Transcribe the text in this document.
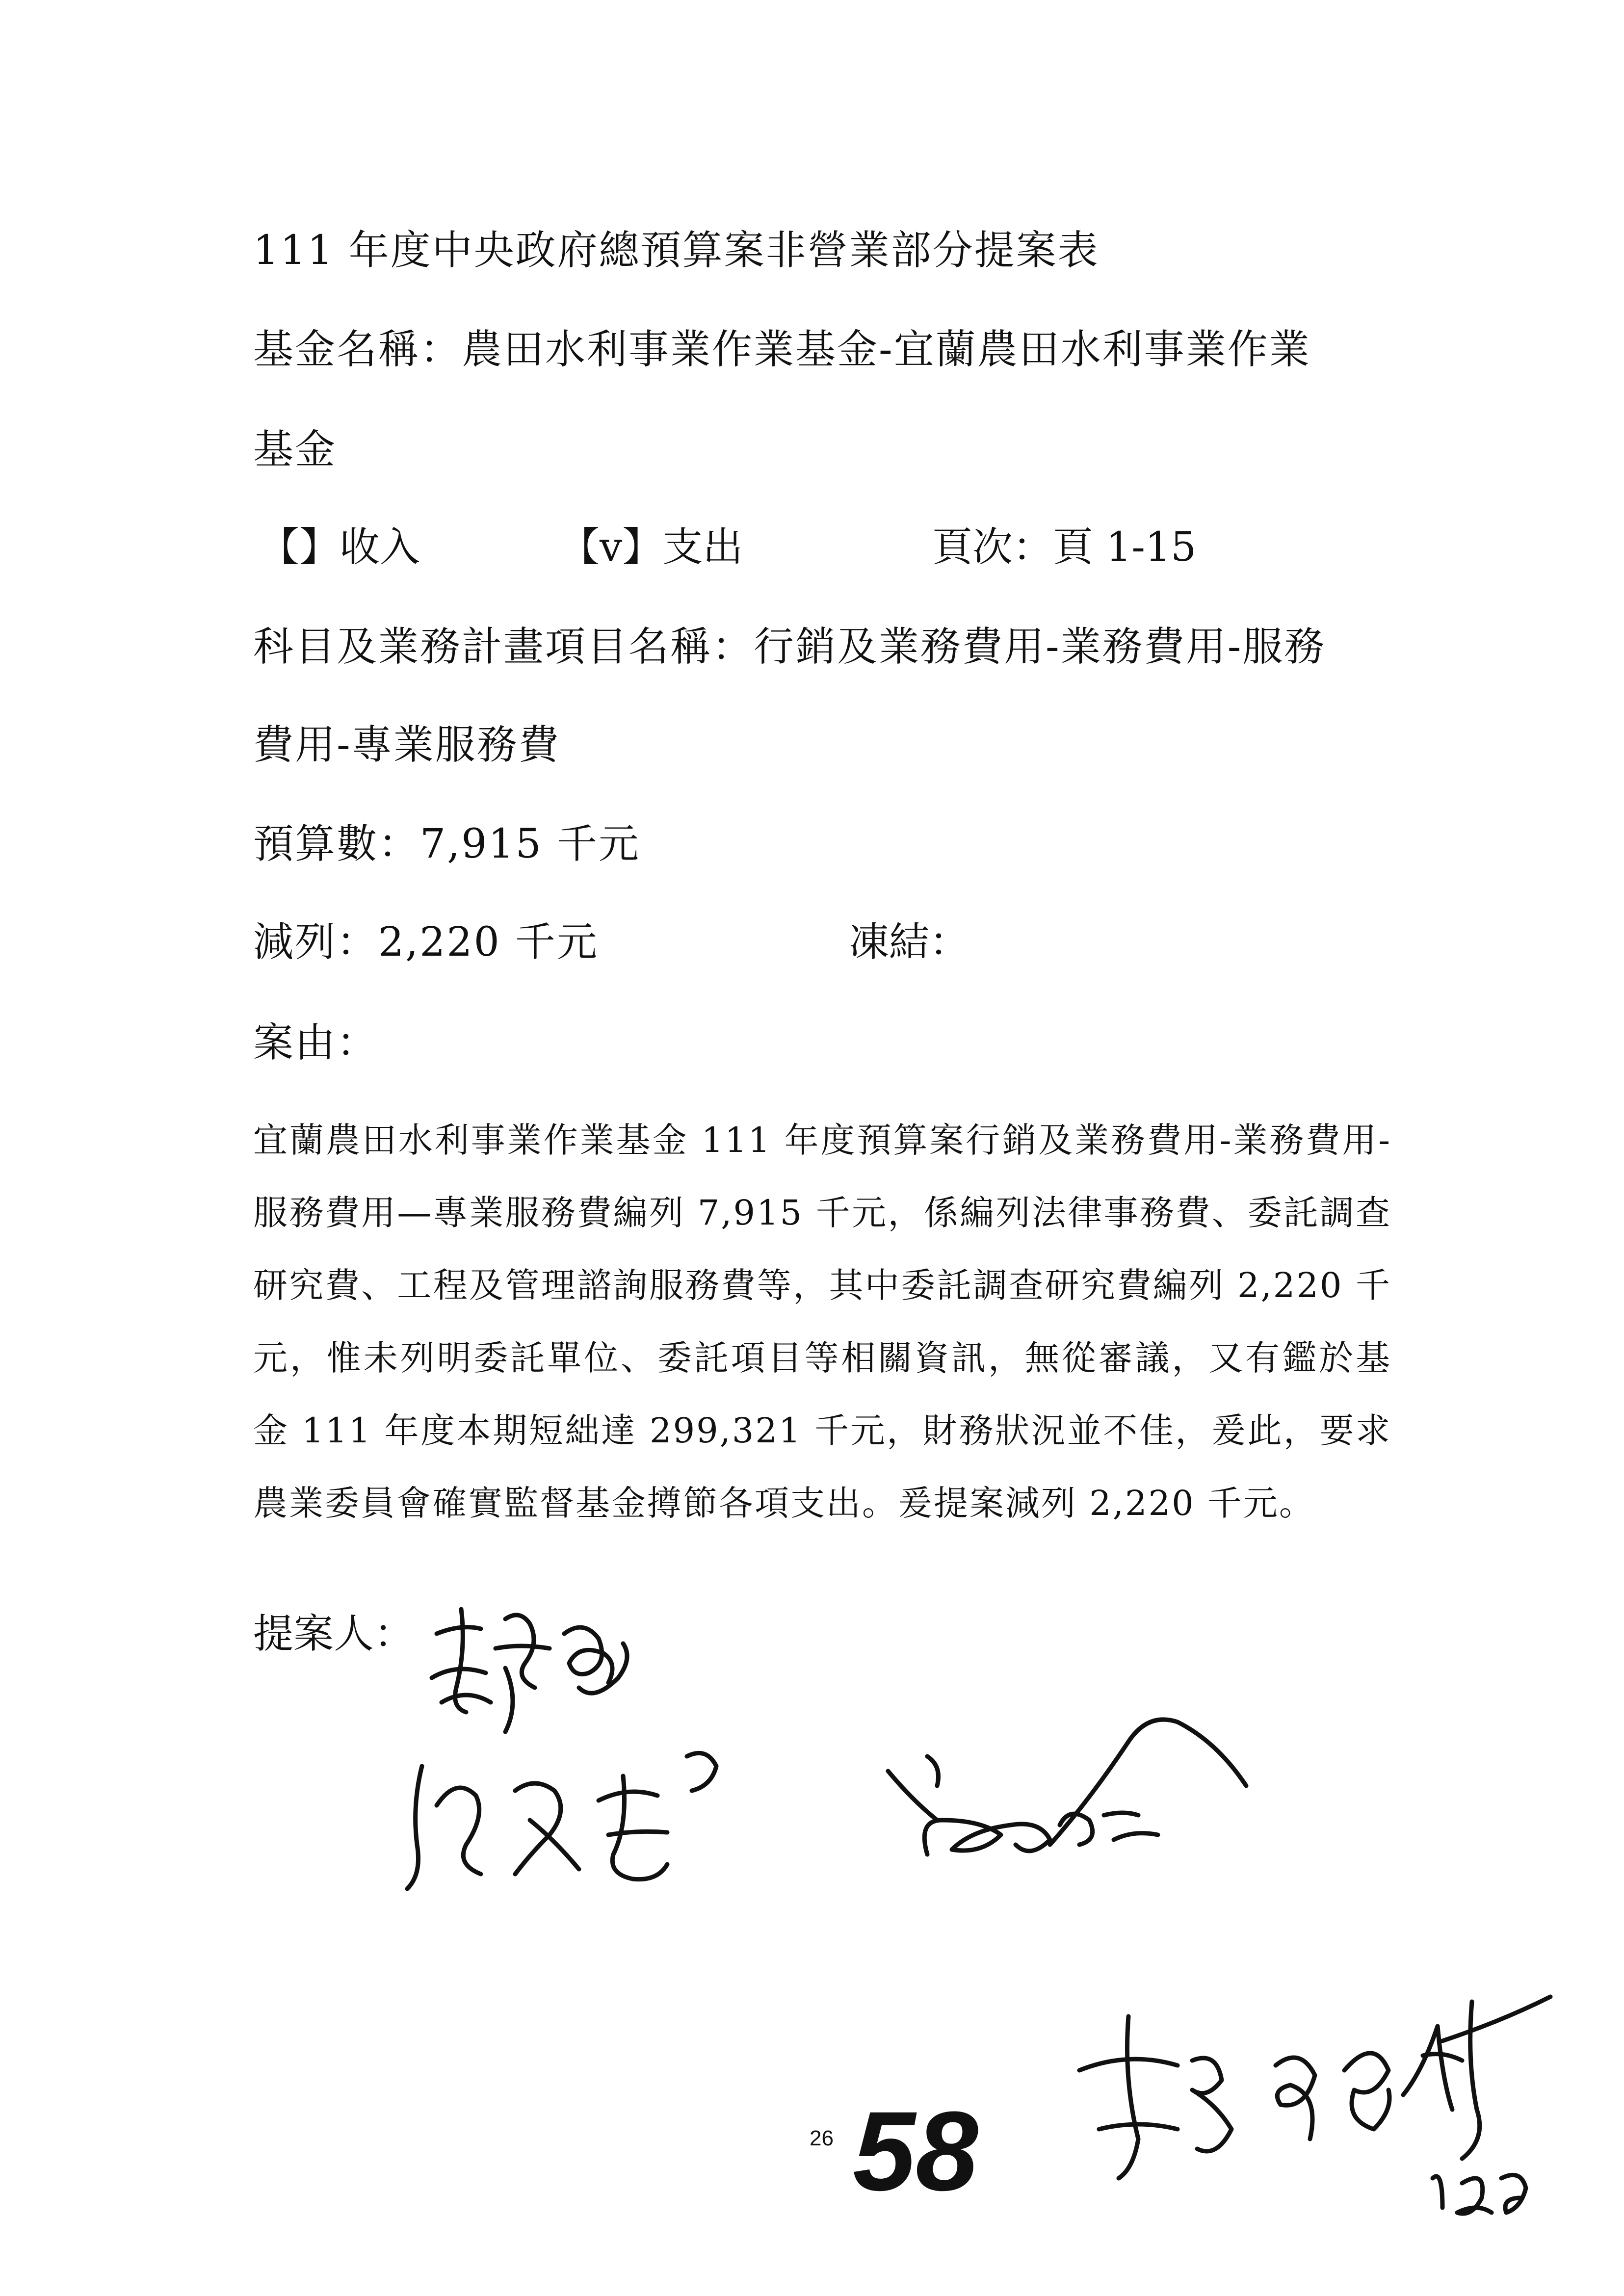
111 年度中央政府總預算案非營業部分提案表
基金名稱：農田水利事業作業基金-宜蘭農田水利事業作業
基金
【】收入	【v】支出	頁次：頁 1-15
科目及業務計畫項目名稱：行銷及業務費用-業務費用-服務
費用-專業服務費
預算數：7,915 千元
減列：2,220 千元	凍結：
案由：
宜蘭農田水利事業作業基金 111 年度預算案行銷及業務費用-業務費用-服務費用—專業服務費編列 7,915 千元，係編列法律事務費、委託調查研究費、工程及管理諮詢服務費等，其中委託調查研究費編列 2,220 千元，惟未列明委託單位、委託項目等相關資訊，無從審議，又有鑑於基金 111 年度本期短絀達 299,321 千元，財務狀況並不佳，爰此，要求農業委員會確實監督基金撙節各項支出。爰提案減列 2,220 千元。
提案人：
26 58
